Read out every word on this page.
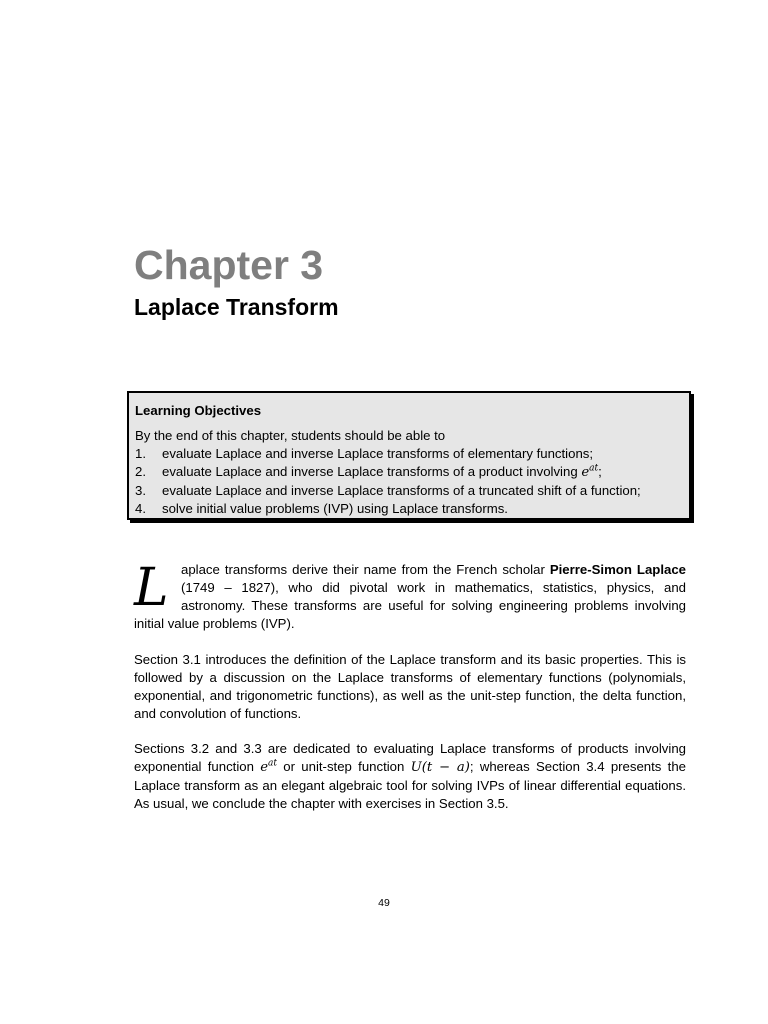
Chapter 3
Laplace Transform
Learning Objectives
By the end of this chapter, students should be able to
1.	evaluate Laplace and inverse Laplace transforms of elementary functions;
2.	evaluate Laplace and inverse Laplace transforms of a product involving $e^{at}$;
3.	evaluate Laplace and inverse Laplace transforms of a truncated shift of a function;
4.	solve initial value problems (IVP) using Laplace transforms.
Laplace transforms derive their name from the French scholar Pierre-Simon Laplace (1749 – 1827), who did pivotal work in mathematics, statistics, physics, and astronomy. These transforms are useful for solving engineering problems involving initial value problems (IVP).
Section 3.1 introduces the definition of the Laplace transform and its basic properties. This is followed by a discussion on the Laplace transforms of elementary functions (polynomials, exponential, and trigonometric functions), as well as the unit-step function, the delta function, and convolution of functions.
Sections 3.2 and 3.3 are dedicated to evaluating Laplace transforms of products involving exponential function $e^{at}$ or unit-step function U(t − a); whereas Section 3.4 presents the Laplace transform as an elegant algebraic tool for solving IVPs of linear differential equations. As usual, we conclude the chapter with exercises in Section 3.5.
49
